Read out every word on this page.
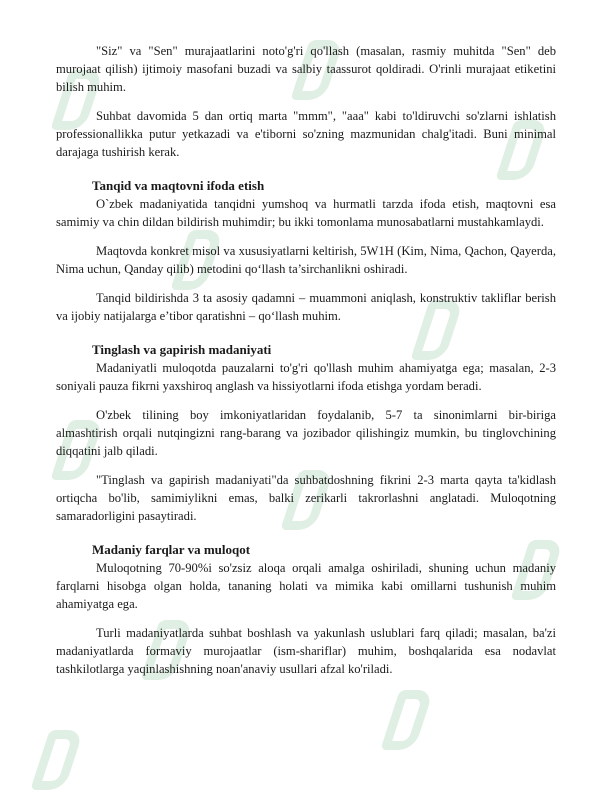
"Siz" va "Sen" murajaatlarini noto'g'ri qo'llash (masalan, rasmiy muhitda "Sen" deb murojaat qilish) ijtimoiy masofani buzadi va salbiy taassurot qoldiradi. O'rinli murajaat etiketini bilish muhim.

Suhbat davomida 5 dan ortiq marta "mmm", "aaa" kabi to'ldiruvchi so'zlarni ishlatish professionallikka putur yetkazadi va e'tiborni so'zning mazmunidan chalg'itadi. Buni minimal darajaga tushirish kerak.

Tanqid va maqtovni ifoda etish

O`zbek madaniyatida tanqidni yumshoq va hurmatli tarzda ifoda etish, maqtovni esa samimiy va chin dildan bildirish muhimdir; bu ikki tomonlama munosabatlarni mustahkamlaydi.

Maqtovda konkret misol va xususiyatlarni keltirish, 5W1H (Kim, Nima, Qachon, Qayerda, Nima uchun, Qanday qilib) metodini qo‘llash ta’sirchanlikni oshiradi.

Tanqid bildirishda 3 ta asosiy qadamni – muammoni aniqlash, konstruktiv takliflar berish va ijobiy natijalarga e’tibor qaratishni – qo‘llash muhim.

Tinglash va gapirish madaniyati

Madaniyatli muloqotda pauzalarni to'g'ri qo'llash muhim ahamiyatga ega; masalan, 2-3 soniyali pauza fikrni yaxshiroq anglash va hissiyotlarni ifoda etishga yordam beradi.

O'zbek tilining boy imkoniyatlaridan foydalanib, 5-7 ta sinonimlarni bir-biriga almashtirish orqali nutqingizni rang-barang va jozibador qilishingiz mumkin, bu tinglovchining diqqatini jalb qiladi.

"Tinglash va gapirish madaniyati"da suhbatdoshning fikrini 2-3 marta qayta ta'kidlash ortiqcha bo'lib, samimiylikni emas, balki zerikarli takrorlashni anglatadi. Muloqotning samaradorligini pasaytiradi.

Madaniy farqlar va muloqot

Muloqotning 70-90%i so'zsiz aloqa orqali amalga oshiriladi, shuning uchun madaniy farqlarni hisobga olgan holda, tananing holati va mimika kabi omillarni tushunish muhim ahamiyatga ega.

Turli madaniyatlarda suhbat boshlash va yakunlash uslublari farq qiladi; masalan, ba'zi madaniyatlarda formaviy murojaatlar (ism-shariflar) muhim, boshqalarida esa nodavlat tashkilotlarga yaqinlashishning noan'anaviy usullari afzal ko'riladi.
